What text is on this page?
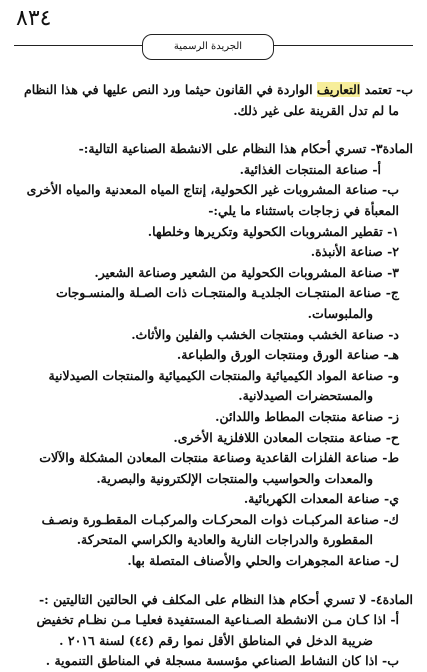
٨٣٤
الجريدة الرسمية
ب- تعتمد التعاريف الواردة في القانون حيثما ورد النص عليها في هذا النظام
ما لم تدل القرينة على غير ذلك.
المادة٣- تسري أحكام هذا النظام على الانشطة الصناعية التالية:-
أ- صناعة المنتجات الغذائية.
ب- صناعة المشروبات غير الكحولية، إنتاج المياه المعدنية والمياه الأخرى
المعبأة في زجاجات باستثناء ما يلي:-
١- تقطير المشروبات الكحولية وتكريرها وخلطها.
٢- صناعة الأنبذة.
٣- صناعة المشروبات الكحولية من الشعير وصناعة الشعير.
ج- صناعة المنتجـات الجلديـة والمنتجـات ذات الصـلة والمنسـوجات
والملبوسات.
د- صناعة الخشب ومنتجات الخشب والفلين والأثاث.
هـ- صناعة الورق ومنتجات الورق والطباعة.
و- صناعة المواد الكيميائية والمنتجات الكيميائية والمنتجات الصيدلانية
والمستحضرات الصيدلانية.
ز- صناعة منتجات المطاط واللدائن.
ح- صناعة منتجات المعادن اللافلزية الأخرى.
ط- صناعة الفلزات القاعدية وصناعة منتجات المعادن المشكلة والآلات
والمعدات والحواسيب والمنتجات الإلكترونية والبصرية.
ي- صناعة المعدات الكهربائية.
ك- صناعة المركبـات ذوات المحركـات والمركبـات المقطـورة ونصـف
المقطورة والدراجات النارية والعادية والكراسي المتحركة.
ل- صناعة المجوهرات والحلي والأصناف المتصلة بها.
المادة٤- لا تسري أحكام هذا النظام على المكلف في الحالتين التاليتين :-
أ- اذا كـان مـن الانشطة الصـناعية المستفيدة فعليـا مـن نظـام تخفيض
ضريبة الدخل في المناطق الأقل نموا رقم (٤٤) لسنة ٢٠١٦ .
ب- اذا كان النشاط الصناعي مؤسسة مسجلة في المناطق التنموية .
